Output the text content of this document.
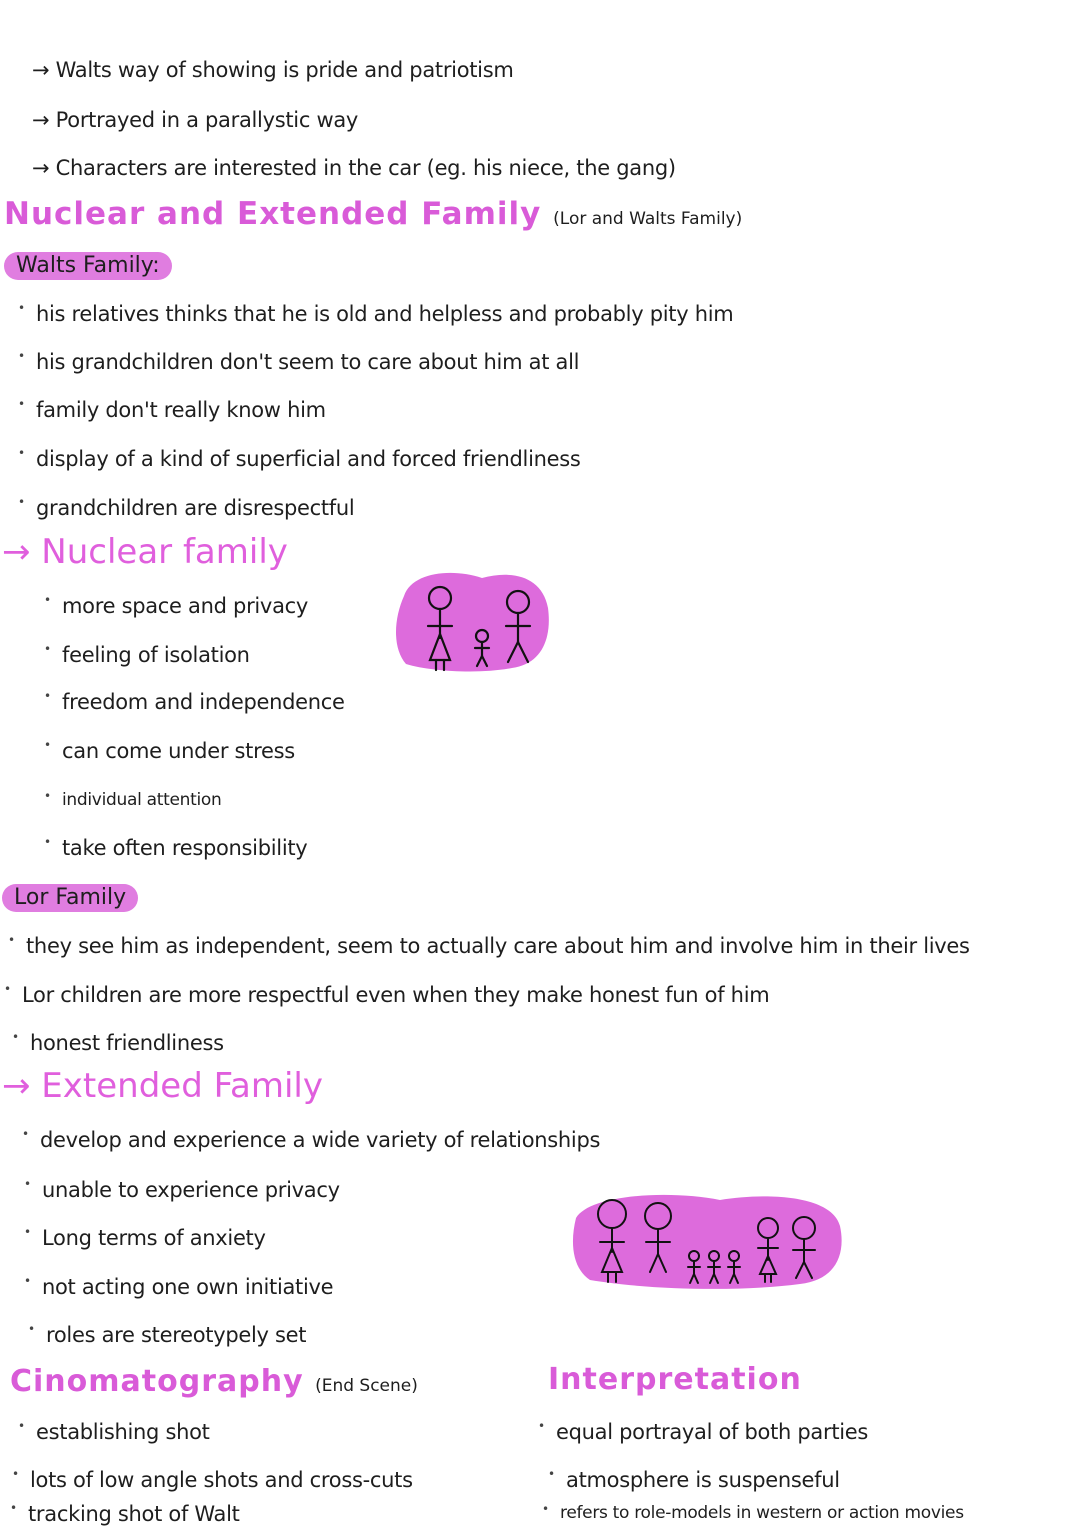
→ Walts way of showing is pride and patriotism
→ Portrayed in a parallystic way
→ Characters are interested in the car (eg. his niece, the gang)
Nuclear and Extended Family (Lor and Walts Family)
Walts Family:
• his relatives thinks that he is old and helpless and probably pity him
• his grandchildren don't seem to care about him at all
• family don't really know him
• display of a kind of superficial and forced friendliness
• grandchildren are disrespectful
→ Nuclear family
• more space and privacy
• feeling of isolation
• freedom and independence
• can come under stress
• individual attention
• take often responsibility
Lor Family
• they see him as independent, seem to actually care about him and involve him in their lives
• Lor children are more respectful even when they make honest fun of him
• honest friendliness
→ Extended Family
• develop and experience a wide variety of relationships
• unable to experience privacy
• Long terms of anxiety
• not acting one own initiative
• roles are stereotypely set
Cinomatography (End Scene)
• establishing shot
• lots of low angle shots and cross-cuts
• tracking shot of Walt
Interpretation
• equal portrayal of both parties
• atmosphere is suspenseful
• refers to role-models in western or action movies
